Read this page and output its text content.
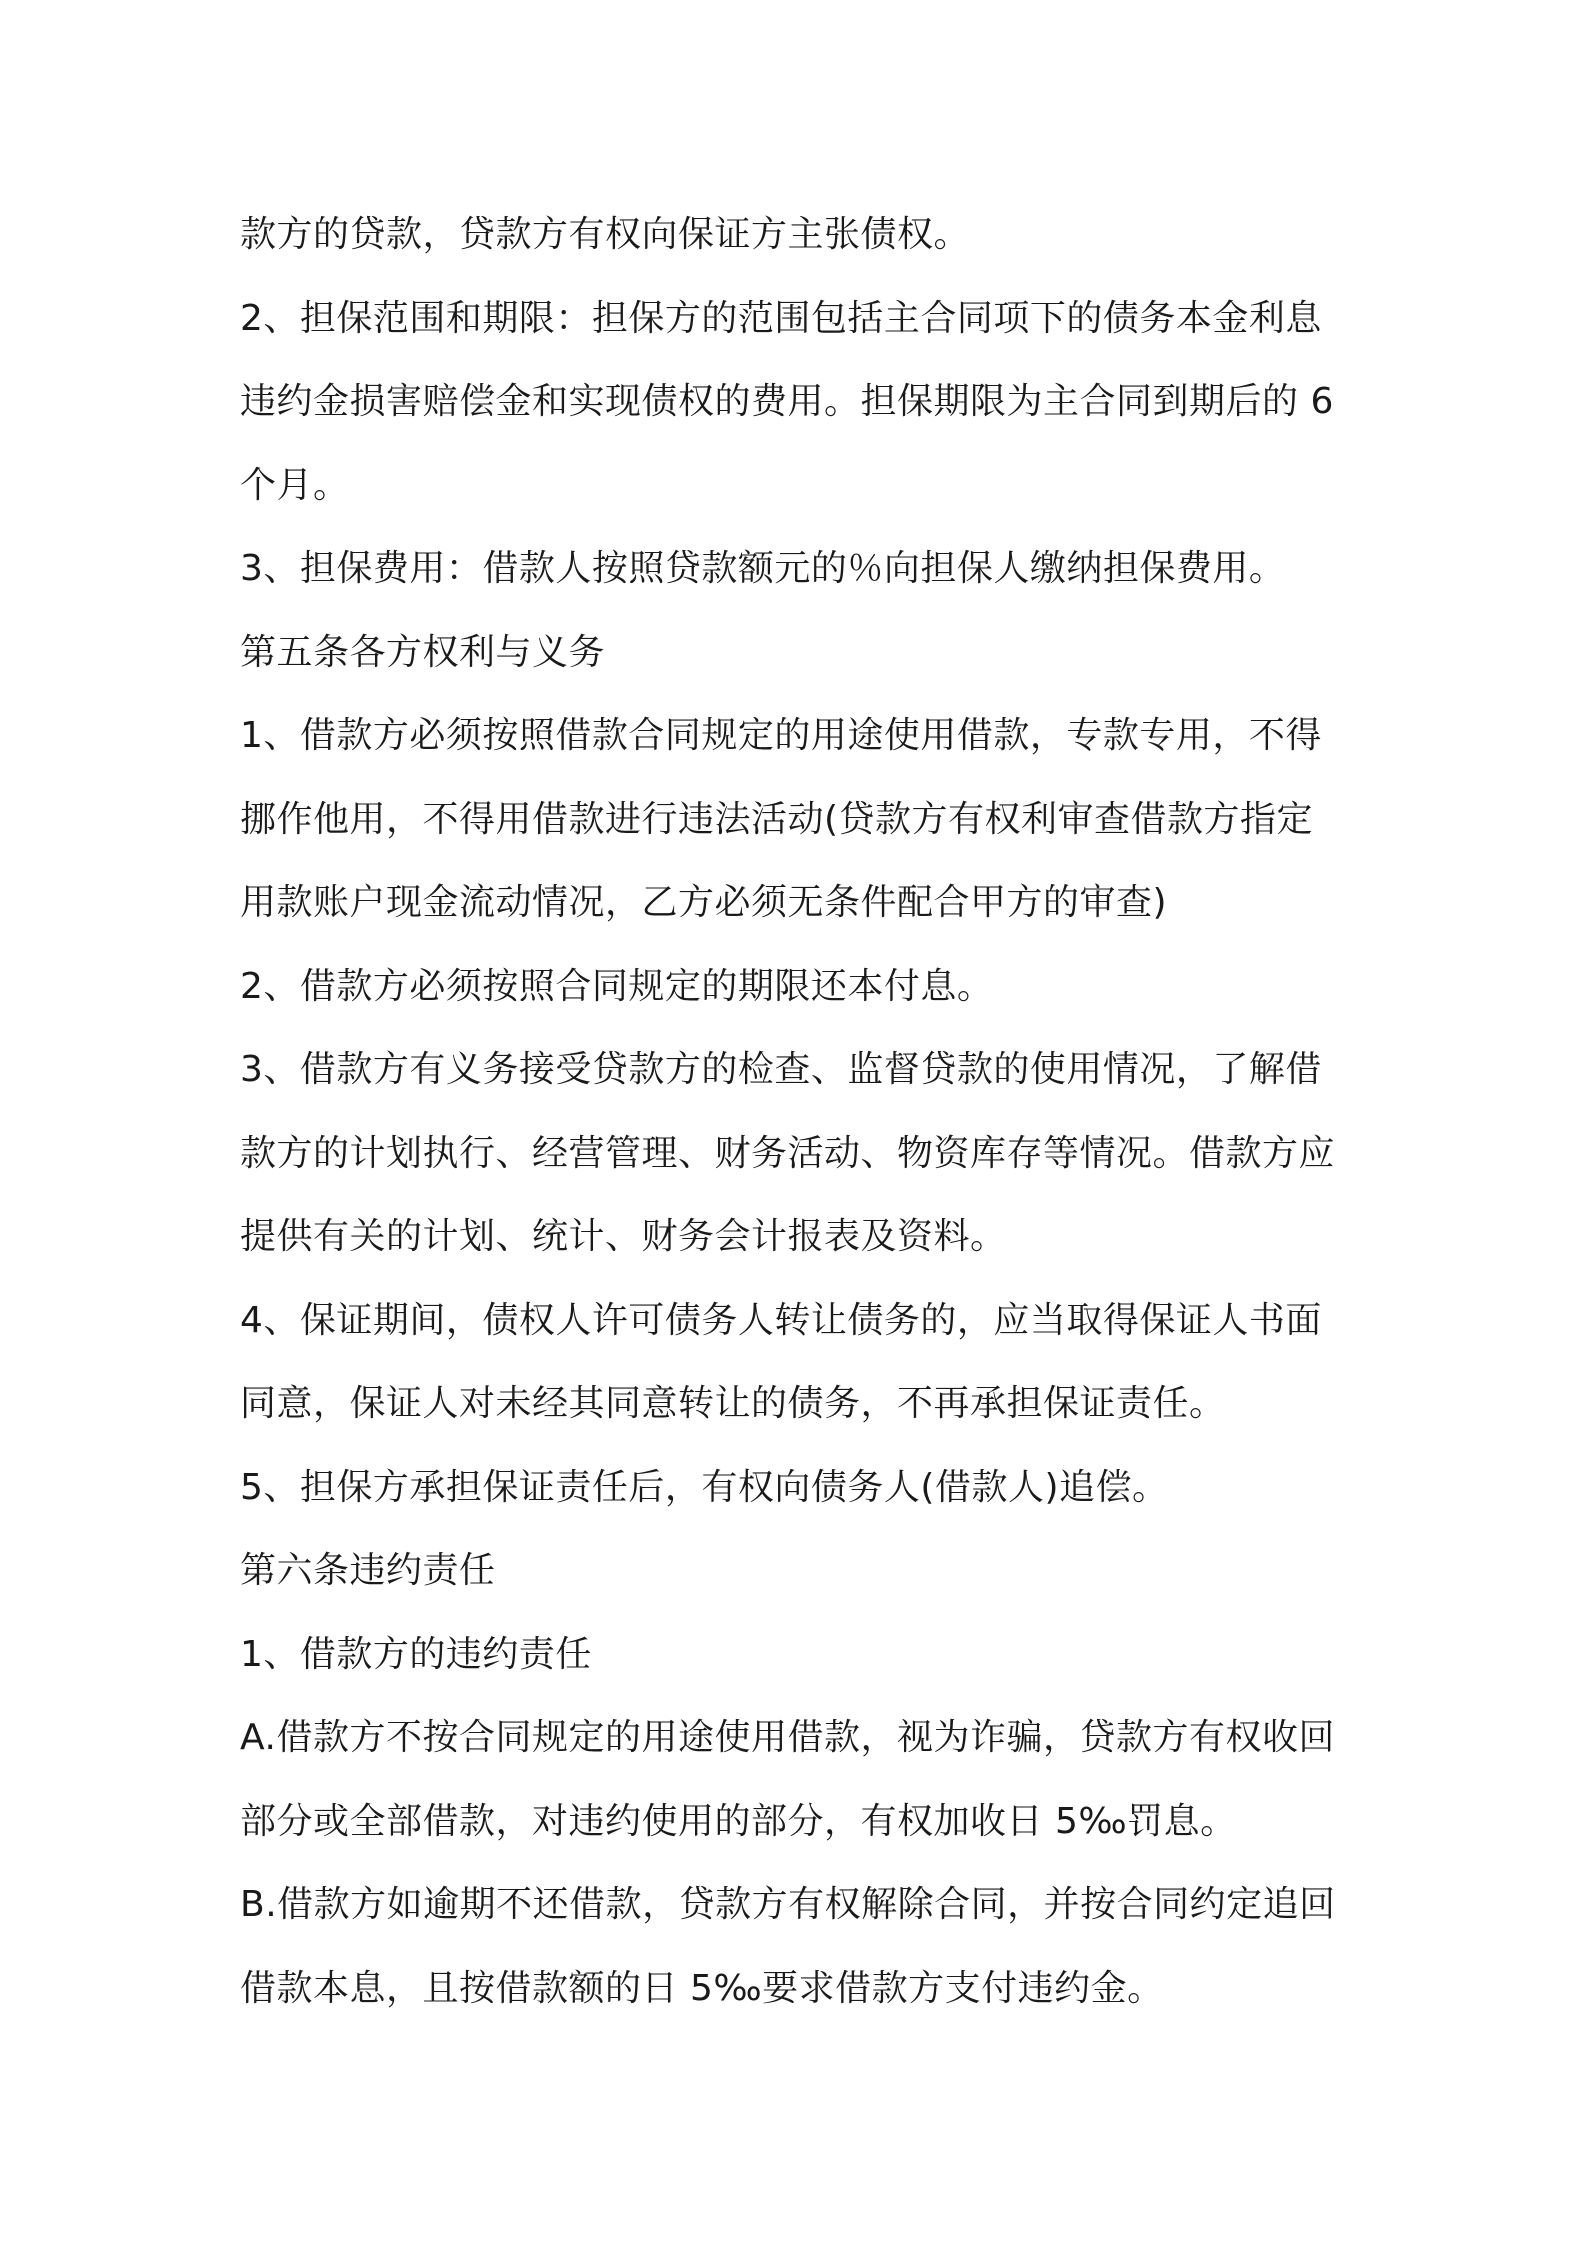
款方的贷款，贷款方有权向保证方主张债权。
2、担保范围和期限：担保方的范围包括主合同项下的债务本金利息
违约金损害赔偿金和实现债权的费用。担保期限为主合同到期后的 6
个月。
3、担保费用：借款人按照贷款额元的％向担保人缴纳担保费用。
第五条各方权利与义务
1、借款方必须按照借款合同规定的用途使用借款，专款专用，不得
挪作他用，不得用借款进行违法活动(贷款方有权利审查借款方指定
用款账户现金流动情况，乙方必须无条件配合甲方的审查)
2、借款方必须按照合同规定的期限还本付息。
3、借款方有义务接受贷款方的检查、监督贷款的使用情况，了解借
款方的计划执行、经营管理、财务活动、物资库存等情况。借款方应
提供有关的计划、统计、财务会计报表及资料。
4、保证期间，债权人许可债务人转让债务的，应当取得保证人书面
同意，保证人对未经其同意转让的债务，不再承担保证责任。
5、担保方承担保证责任后，有权向债务人(借款人)追偿。
第六条违约责任
1、借款方的违约责任
A.借款方不按合同规定的用途使用借款，视为诈骗，贷款方有权收回
部分或全部借款，对违约使用的部分，有权加收日 5‰罚息。
B.借款方如逾期不还借款，贷款方有权解除合同，并按合同约定追回
借款本息，且按借款额的日 5‰要求借款方支付违约金。
